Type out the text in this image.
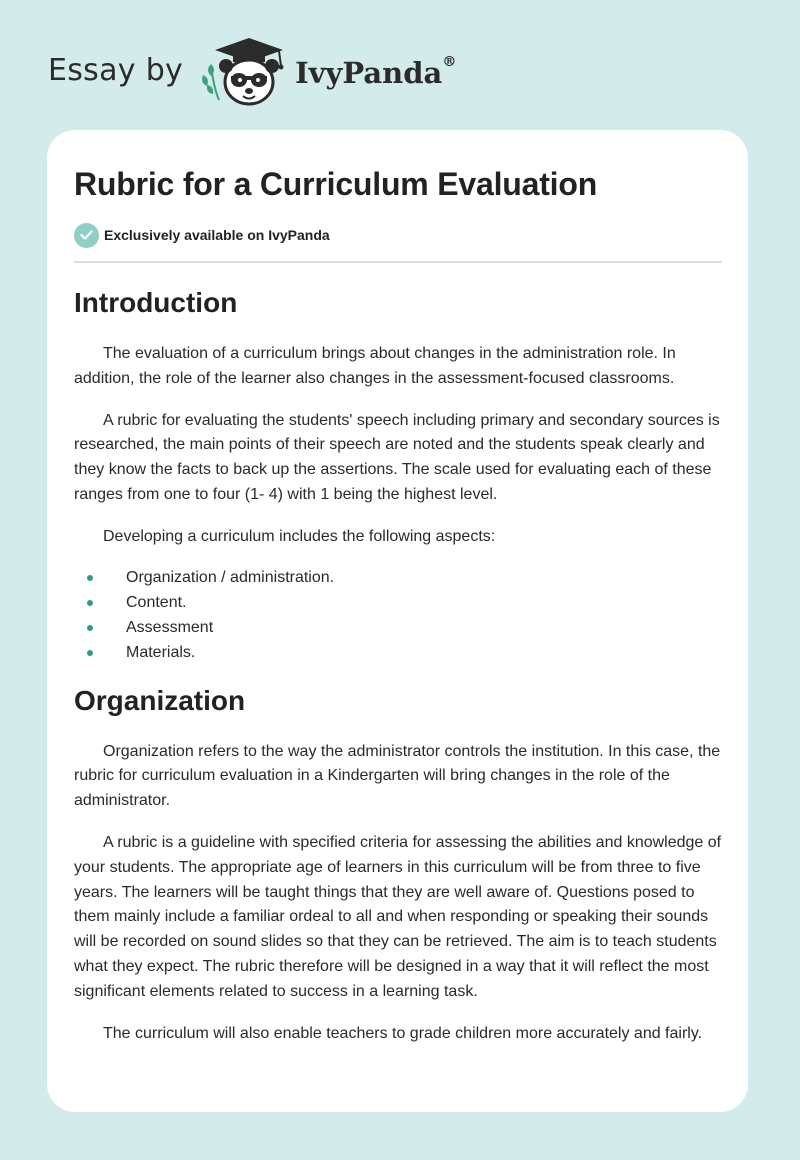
Essay by	IvyPanda®
Rubric for a Curriculum Evaluation
Exclusively available on IvyPanda
Introduction

The evaluation of a curriculum brings about changes in the administration role. In addition, the role of the learner also changes in the assessment-focused classrooms.

A rubric for evaluating the students' speech including primary and secondary sources is researched, the main points of their speech are noted and the students speak clearly and they know the facts to back up the assertions. The scale used for evaluating each of these ranges from one to four (1- 4) with 1 being the highest level.

Developing a curriculum includes the following aspects:

Organization / administration.
Content.
Assessment
Materials.
Organization

Organization refers to the way the administrator controls the institution. In this case, the rubric for curriculum evaluation in a Kindergarten will bring changes in the role of the administrator.

A rubric is a guideline with specified criteria for assessing the abilities and knowledge of your students. The appropriate age of learners in this curriculum will be from three to five years. The learners will be taught things that they are well aware of. Questions posed to them mainly include a familiar ordeal to all and when responding or speaking their sounds will be recorded on sound slides so that they can be retrieved. The aim is to teach students what they expect. The rubric therefore will be designed in a way that it will reflect the most significant elements related to success in a learning task.

The curriculum will also enable teachers to grade children more accurately and fairly.
